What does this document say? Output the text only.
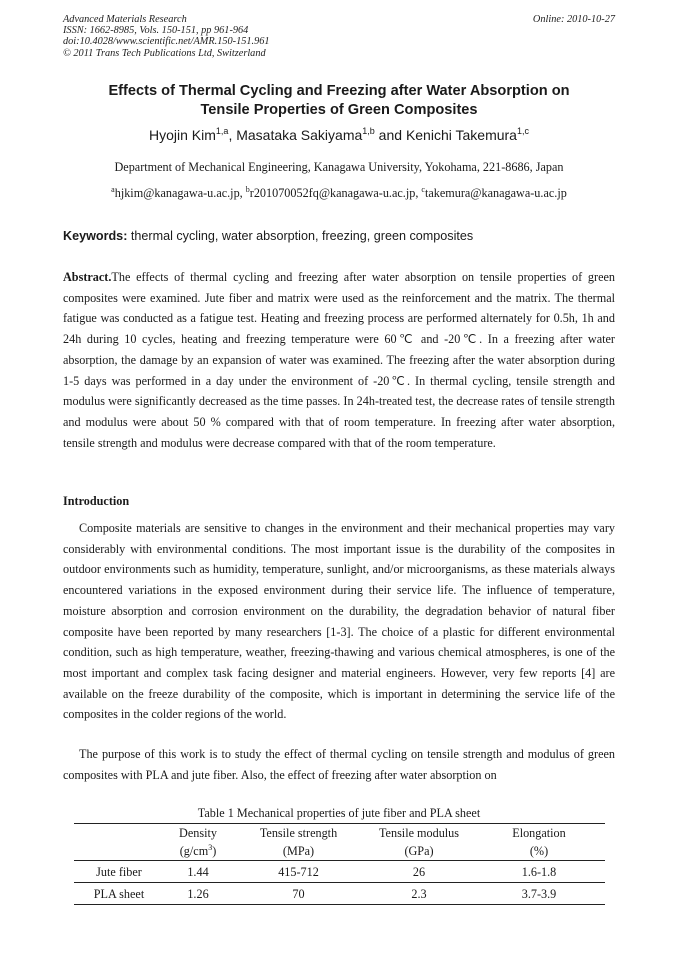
Advanced Materials Research
ISSN: 1662-8985, Vols. 150-151, pp 961-964
doi:10.4028/www.scientific.net/AMR.150-151.961
© 2011 Trans Tech Publications Ltd, Switzerland
Online: 2010-10-27
Effects of Thermal Cycling and Freezing after Water Absorption on
Tensile Properties of Green Composites
Hyojin Kim$^{1,a}$, Masataka Sakiyama$^{1,b}$ and Kenichi Takemura$^{1,c}$
Department of Mechanical Engineering, Kanagawa University, Yokohama, 221-8686, Japan
$^a$hjkim@kanagawa-u.ac.jp, $^b$r201070052fq@kanagawa-u.ac.jp, $^c$takemura@kanagawa-u.ac.jp
Keywords: thermal cycling, water absorption, freezing, green composites
Abstract.The effects of thermal cycling and freezing after water absorption on tensile properties of green composites were examined. Jute fiber and matrix were used as the reinforcement and the matrix. The thermal fatigue was conducted as a fatigue test. Heating and freezing process are performed alternately for 0.5h, 1h and 24h during 10 cycles, heating and freezing temperature were 60℃ and -20℃. In a freezing after water absorption, the damage by an expansion of water was examined. The freezing after the water absorption during 1-5 days was performed in a day under the environment of -20℃. In thermal cycling, tensile strength and modulus were significantly decreased as the time passes. In 24h-treated test, the decrease rates of tensile strength and modulus were about 50 % compared with that of room temperature. In freezing after water absorption, tensile strength and modulus were decrease compared with that of the room temperature.
Introduction
Composite materials are sensitive to changes in the environment and their mechanical properties may vary considerably with environmental conditions. The most important issue is the durability of the composites in outdoor environments such as humidity, temperature, sunlight, and/or microorganisms, as these materials always encountered variations in the exposed environment during their service life. The influence of temperature, moisture absorption and corrosion environment on the durability, the degradation behavior of natural fiber composite have been reported by many researchers [1-3]. The choice of a plastic for different environmental condition, such as high temperature, weather, freezing-thawing and various chemical atmospheres, is one of the most important and complex task facing designer and material engineers. However, very few reports [4] are available on the freeze durability of the composite, which is important in determining the service life of the composites in the colder regions of the world.
The purpose of this work is to study the effect of thermal cycling on tensile strength and modulus of green composites with PLA and jute fiber. Also, the effect of freezing after water absorption on
Table 1 Mechanical properties of jute fiber and PLA sheet
	Density	Tensile strength	Tensile modulus	Elongation
	$(g/cm^3)$	(MPa)	(GPa)	(%)
Jute fiber	1.44	415-712	26	1.6-1.8
PLA sheet	1.26	70	2.3	3.7-3.9
